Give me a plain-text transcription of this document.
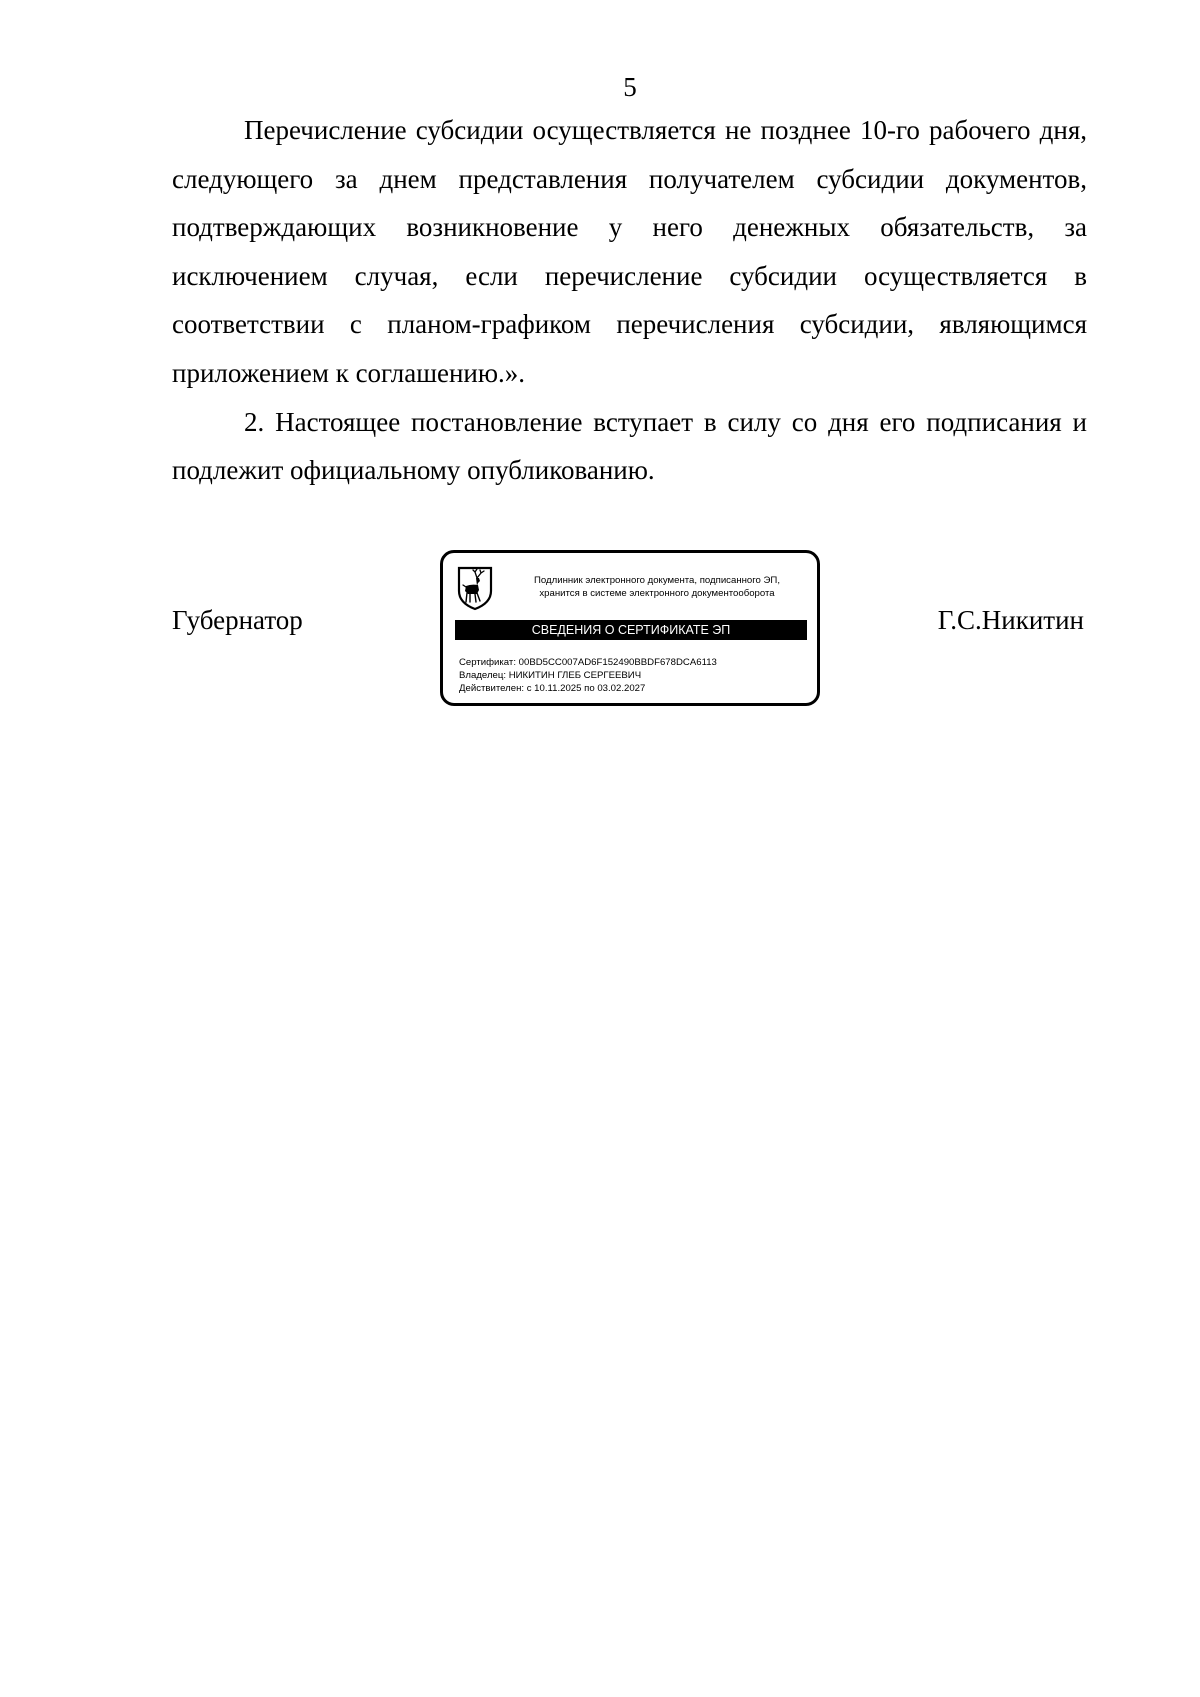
5

Перечисление субсидии осуществляется не позднее 10-го рабочего дня, следующего за днем представления получателем субсидии документов, подтверждающих возникновение у него денежных обязательств, за исключением случая, если перечисление субсидии осуществляется в соответствии с планом-графиком перечисления субсидии, являющимся приложением к соглашению.».

2. Настоящее постановление вступает в силу со дня его подписания и подлежит официальному опубликованию.

Губернатор	Г.С.Никитин
Подлинник электронного документа, подписанного ЭП,
хранится в системе электронного документооборота
СВЕДЕНИЯ О СЕРТИФИКАТЕ ЭП
Сертификат: 00BD5CC007AD6F152490BBDF678DCA6113
Владелец: НИКИТИН ГЛЕБ СЕРГЕЕВИЧ
Действителен: с 10.11.2025 по 03.02.2027
